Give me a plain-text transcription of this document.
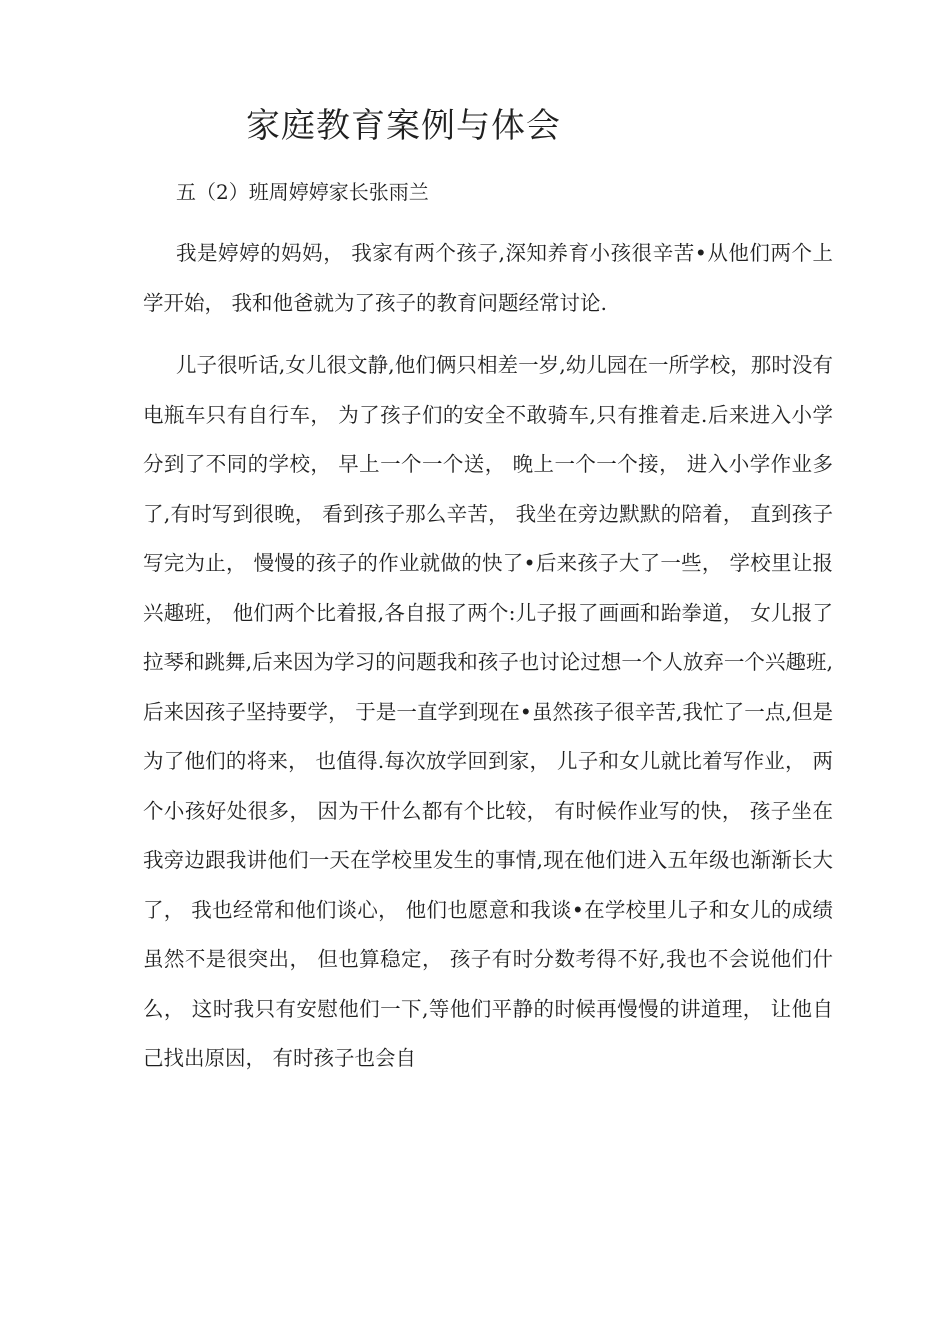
家庭教育案例与体会
五（2）班周婷婷家长张雨兰

我是婷婷的妈妈， 我家有两个孩子,深知养育小孩很辛苦•从他们两个上学开始， 我和他爸就为了孩子的教育问题经常讨论.

儿子很听话,女儿很文静,他们俩只相差一岁,幼儿园在一所学校，那时没有电瓶车只有自行车， 为了孩子们的安全不敢骑车,只有推着走.后来进入小学分到了不同的学校， 早上一个一个送， 晚上一个一个接， 进入小学作业多了,有时写到很晚， 看到孩子那么辛苦， 我坐在旁边默默的陪着， 直到孩子写完为止， 慢慢的孩子的作业就做的快了•后来孩子大了一些， 学校里让报兴趣班， 他们两个比着报,各自报了两个:儿子报了画画和跆拳道， 女儿报了拉琴和跳舞,后来因为学习的问题我和孩子也讨论过想一个人放弃一个兴趣班,后来因孩子坚持要学， 于是一直学到现在•虽然孩子很辛苦,我忙了一点,但是为了他们的将来， 也值得.每次放学回到家， 儿子和女儿就比着写作业， 两个小孩好处很多， 因为干什么都有个比较， 有时候作业写的快， 孩子坐在我旁边跟我讲他们一天在学校里发生的事情,现在他们进入五年级也渐渐长大了， 我也经常和他们谈心， 他们也愿意和我谈•在学校里儿子和女儿的成绩虽然不是很突出， 但也算稳定， 孩子有时分数考得不好,我也不会说他们什么， 这时我只有安慰他们一下,等他们平静的时候再慢慢的讲道理， 让他自己找出原因， 有时孩子也会自
